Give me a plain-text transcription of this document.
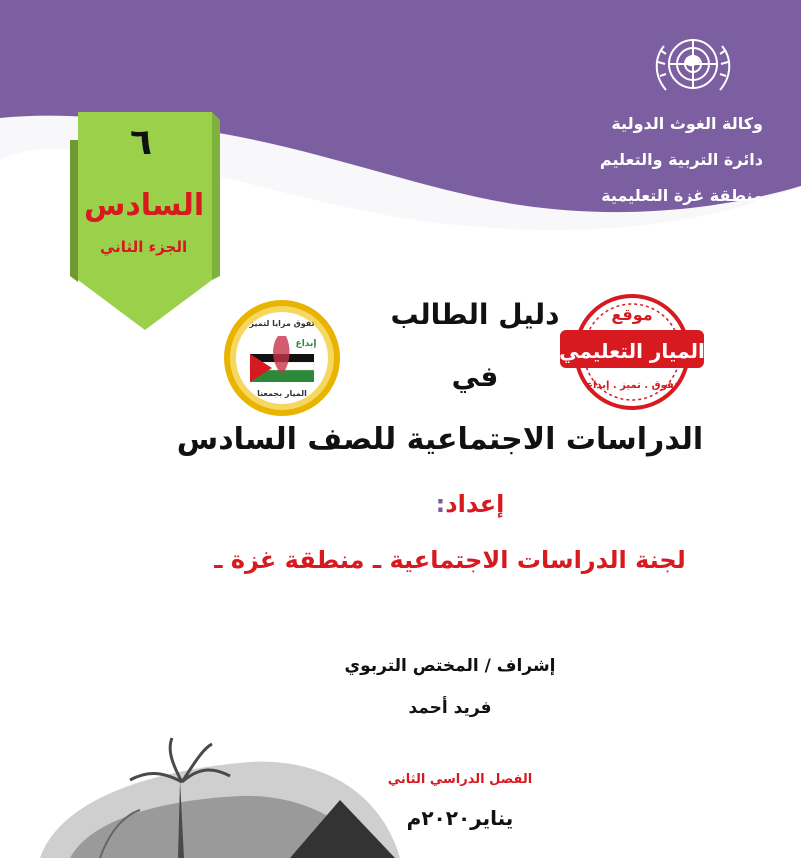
وكالة الغوث الدولية

دائرة التربية والتعليم

منطقة غزة التعليمية

٦

السادس

الجزء الثاني

تفوق مرايا لتميز
إبداع
الميار بجمعنا
موقع
الميار التعليمي
تفوق . تميز . إبداع

دليل الطالب

في

الدراسات الاجتماعية للصف السادس

إعداد:

لجنة الدراسات الاجتماعية ـ منطقة غزة ـ

إشراف / المختص التربوي

فريد أحمد

الفصل الدراسي الثاني

يناير٢٠٢٠م
